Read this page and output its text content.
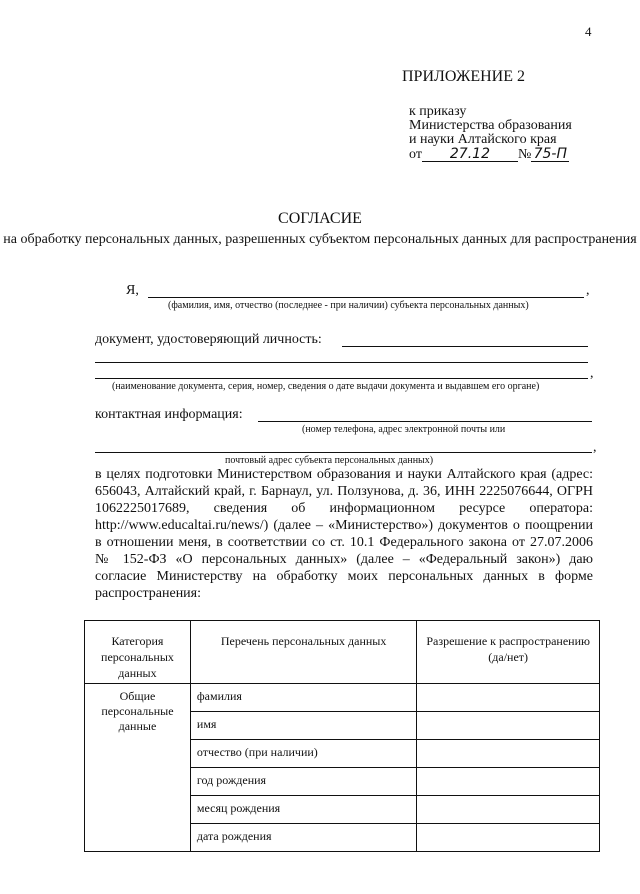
4
ПРИЛОЖЕНИЕ 2
к приказу
Министерства образования
и науки Алтайского края
от 27.12 № 75-П
СОГЛАСИЕ
на обработку персональных данных, разрешенных субъектом персональных данных для распространения
Я,	,
(фамилия, имя, отчество (последнее - при наличии) субъекта персональных данных)
документ, удостоверяющий личность:
,
(наименование документа, серия, номер, сведения о дате выдачи документа и выдавшем его органе)
контактная информация:
(номер телефона, адрес электронной почты или
,
почтовый адрес субъекта персональных данных)
в целях подготовки Министерством образования и науки Алтайского края (адрес: 656043, Алтайский край, г. Барнаул, ул. Ползунова, д. 36, ИНН 2225076644, ОГРН 1062225017689, сведения об информационном ресурсе оператора: http://www.educaltai.ru/news/) (далее – «Министерство») документов о поощрении в отношении меня, в соответствии со ст. 10.1 Федерального закона от 27.07.2006 № 152-ФЗ «О персональных данных» (далее – «Федеральный закон») даю согласие Министерству на обработку моих персональных данных в форме распространения:
Категория персональных данных	Перечень персональных данных	Разрешение к распространению (да/нет)
Общие персональные данные	фамилия	
	имя	
	отчество (при наличии)	
	год рождения	
	месяц рождения	
	дата рождения	
